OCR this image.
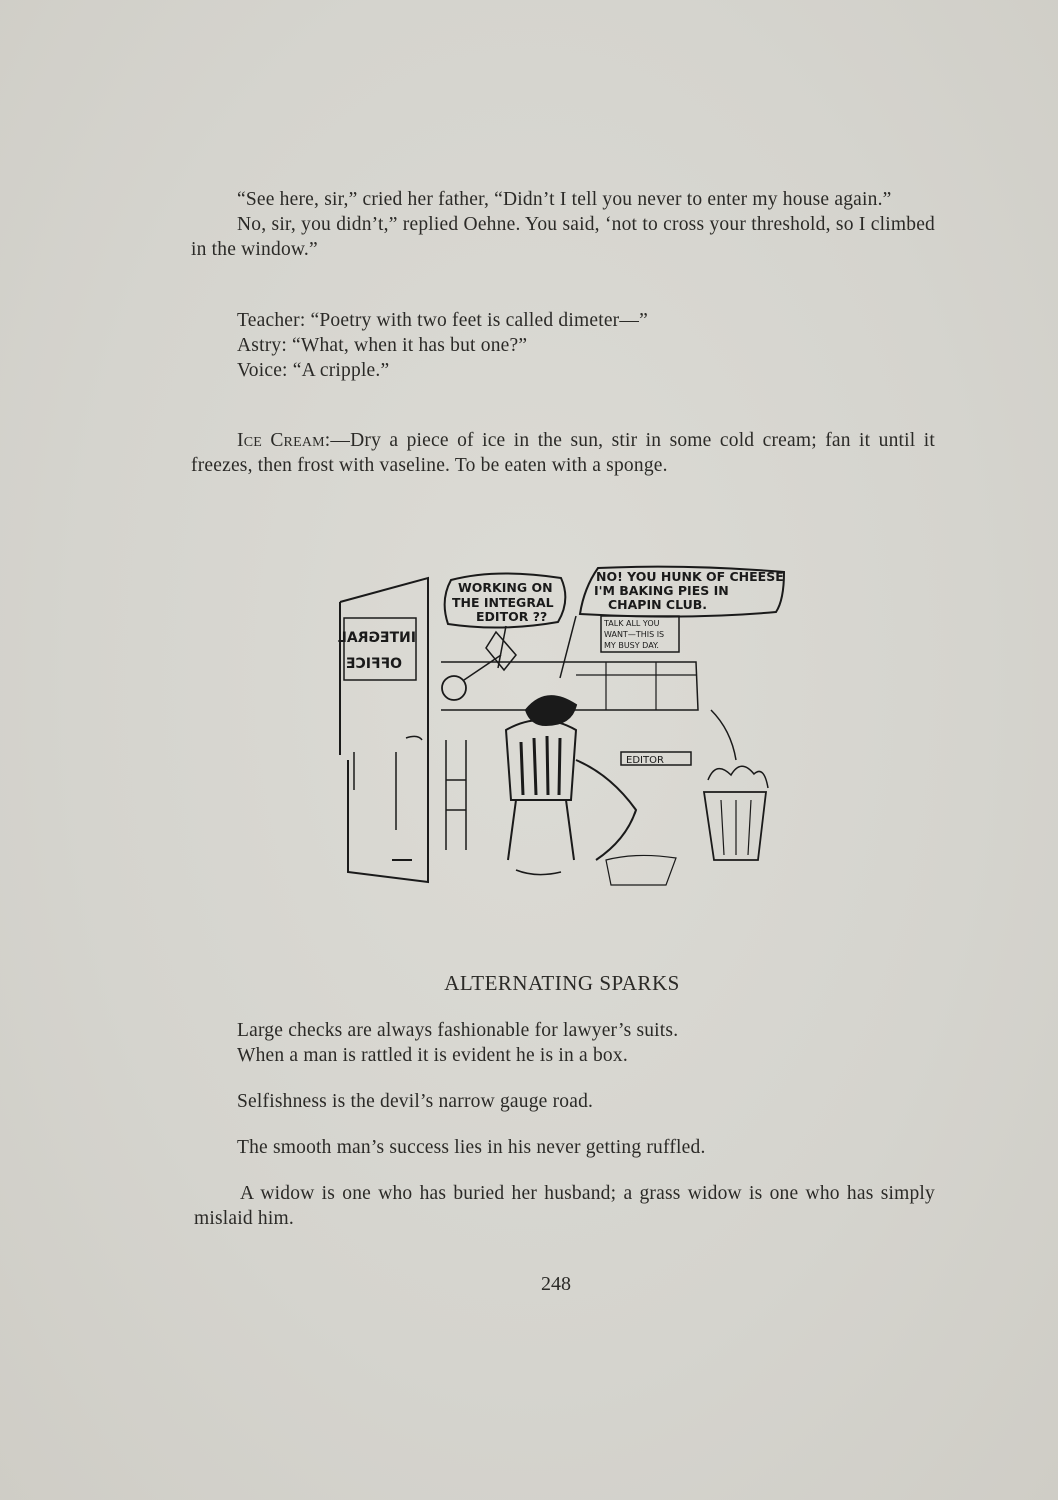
“See here, sir,” cried her father, “Didn’t I tell you never to enter my house again.”

No, sir, you didn’t,” replied Oehne. You said, ‘not to cross your threshold, so I climbed in the window.”

Teacher: “Poetry with two feet is called dimeter—”
Astry: “What, when it has but one?”
Voice: “A cripple.”

Ice Cream:—Dry a piece of ice in the sun, stir in some cold cream; fan it until it freezes, then frost with vaseline. To be eaten with a sponge.

WORKING ON
THE INTEGRAL
EDITOR ??
NO! YOU HUNK OF CHEESE
I'M BAKING PIES IN
CHAPIN CLUB.
TALK ALL YOU
WANT—THIS IS
MY BUSY DAY.
EDITOR
INTEGRAL
OFFICE
ALTERNATING SPARKS
Large checks are always fashionable for lawyer’s suits.
When a man is rattled it is evident he is in a box.
Selfishness is the devil’s narrow gauge road.
The smooth man’s success lies in his never getting ruffled.

A widow is one who has buried her husband; a grass widow is one who has simply mislaid him.

248
